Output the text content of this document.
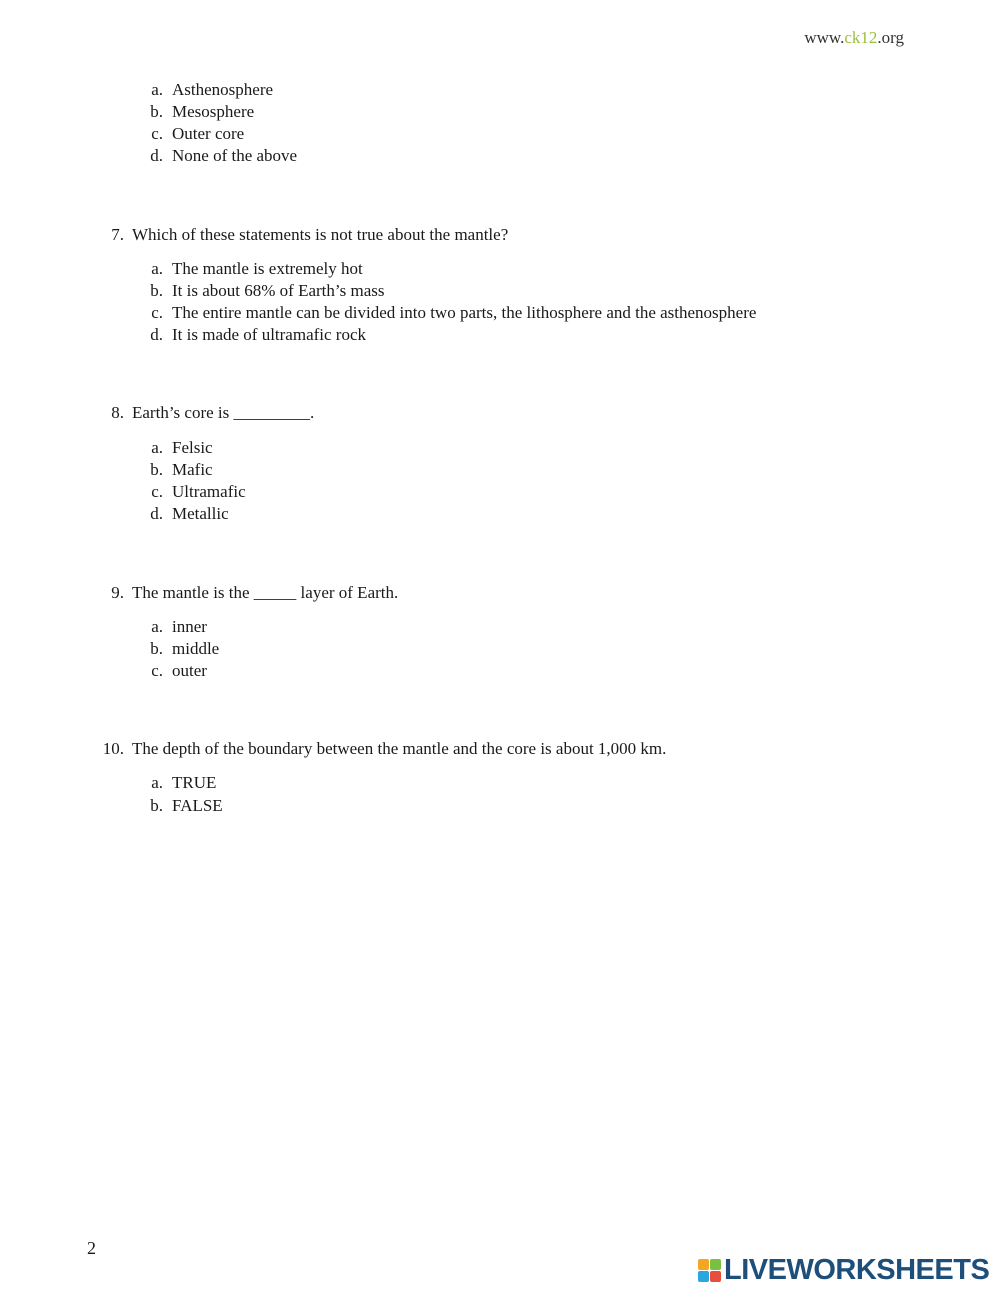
www.ck12.org
a. Asthenosphere
b. Mesosphere
c. Outer core
d. None of the above
7. Which of these statements is not true about the mantle?
a. The mantle is extremely hot
b. It is about 68% of Earth’s mass
c. The entire mantle can be divided into two parts, the lithosphere and the asthenosphere
d. It is made of ultramafic rock
8. Earth’s core is _________.
a. Felsic
b. Mafic
c. Ultramafic
d. Metallic
9. The mantle is the _____ layer of Earth.
a. inner
b. middle
c. outer
10. The depth of the boundary between the mantle and the core is about 1,000 km.
a. TRUE
b. FALSE
2
LIVEWORKSHEETS
